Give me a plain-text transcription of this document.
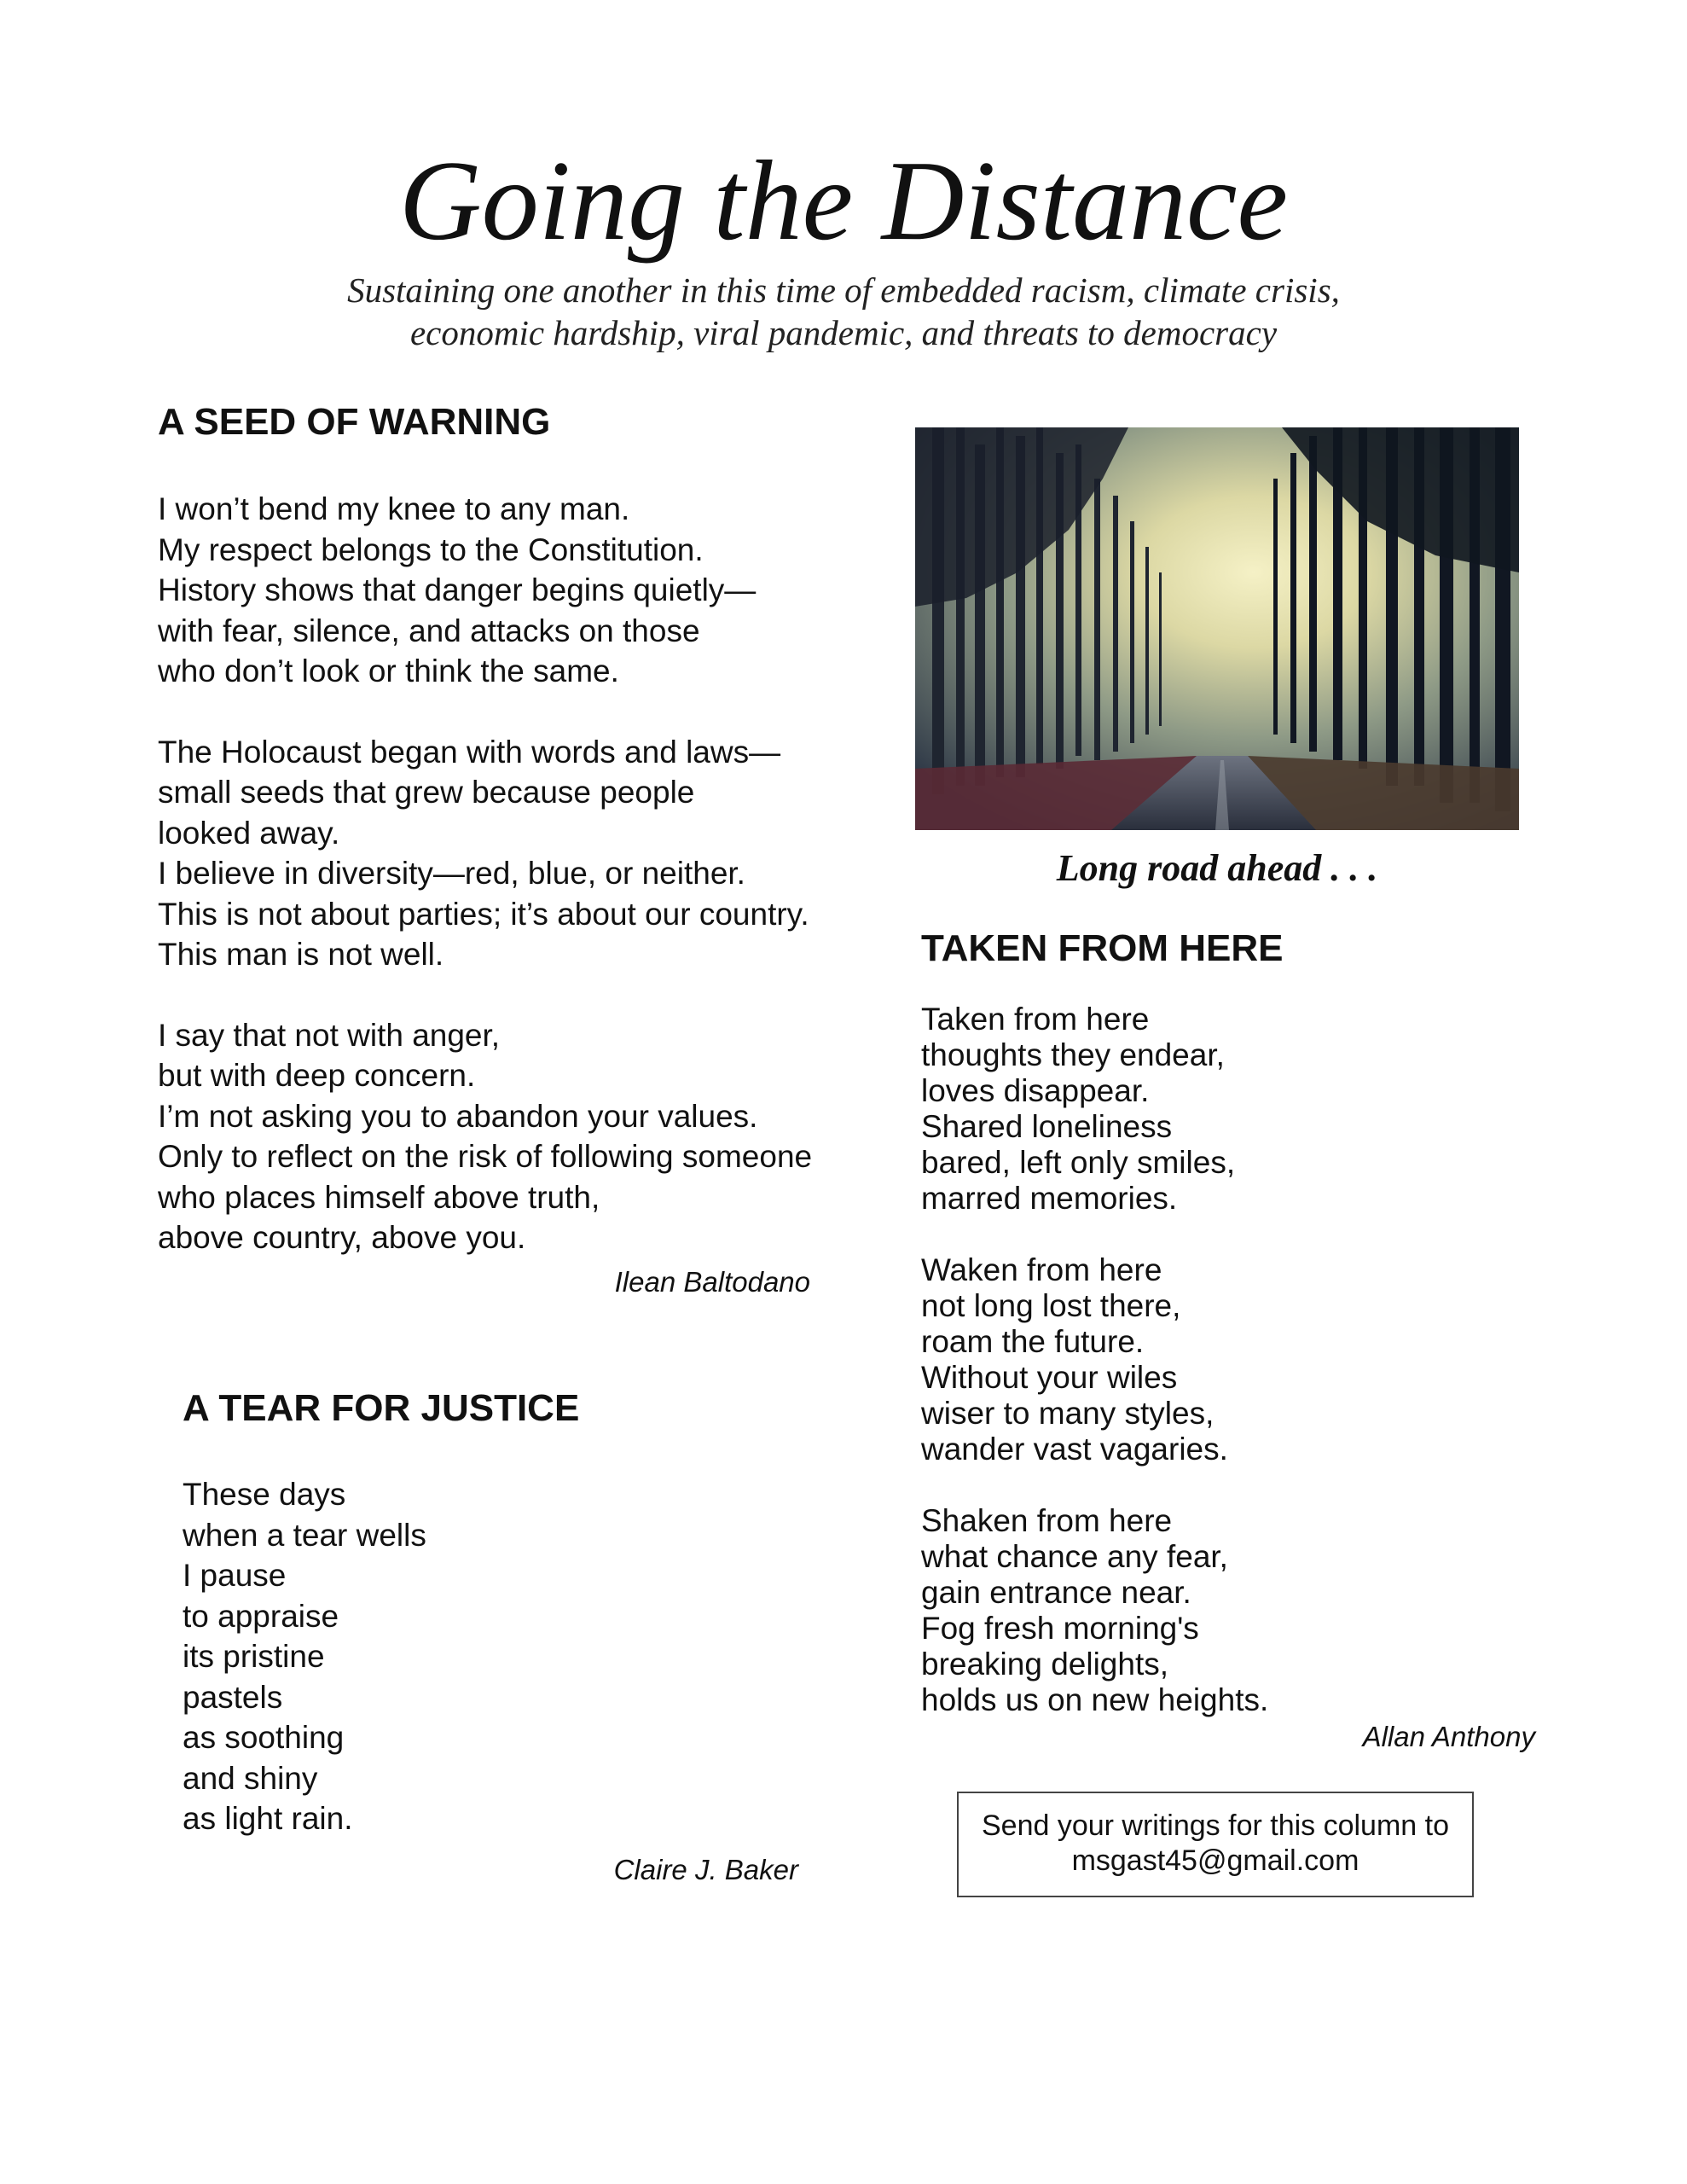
Going the Distance
Sustaining one another in this time of embedded racism, climate crisis,
economic hardship, viral pandemic, and threats to democracy
A SEED OF WARNING
I won’t bend my knee to any man.
My respect belongs to the Constitution.
History shows that danger begins quietly—
with fear, silence, and attacks on those
who don’t look or think the same.
The Holocaust began with words and laws—
small seeds that grew because people
looked away.
I believe in diversity—red, blue, or neither.
This is not about parties; it’s about our country.
This man is not well.
I say that not with anger,
but with deep concern.
I’m not asking you to abandon your values.
Only to reflect on the risk of following someone
who places himself above truth,
above country, above you.
Ilean Baltodano
A TEAR FOR JUSTICE
These days
when a tear wells
I pause
to appraise
its pristine
pastels
as soothing
and shiny
as light rain.
Claire J. Baker
Long road ahead . . .
TAKEN FROM HERE
Taken from here
thoughts they endear,
loves disappear.
Shared loneliness
bared, left only smiles,
marred memories.
Waken from here
not long lost there,
roam the future.
Without your wiles
wiser to many styles,
wander vast vagaries.
Shaken from here
what chance any fear,
gain entrance near.
Fog fresh morning's
breaking delights,
holds us on new heights.
Allan Anthony
Send your writings for this column to
msgast45@gmail.com
